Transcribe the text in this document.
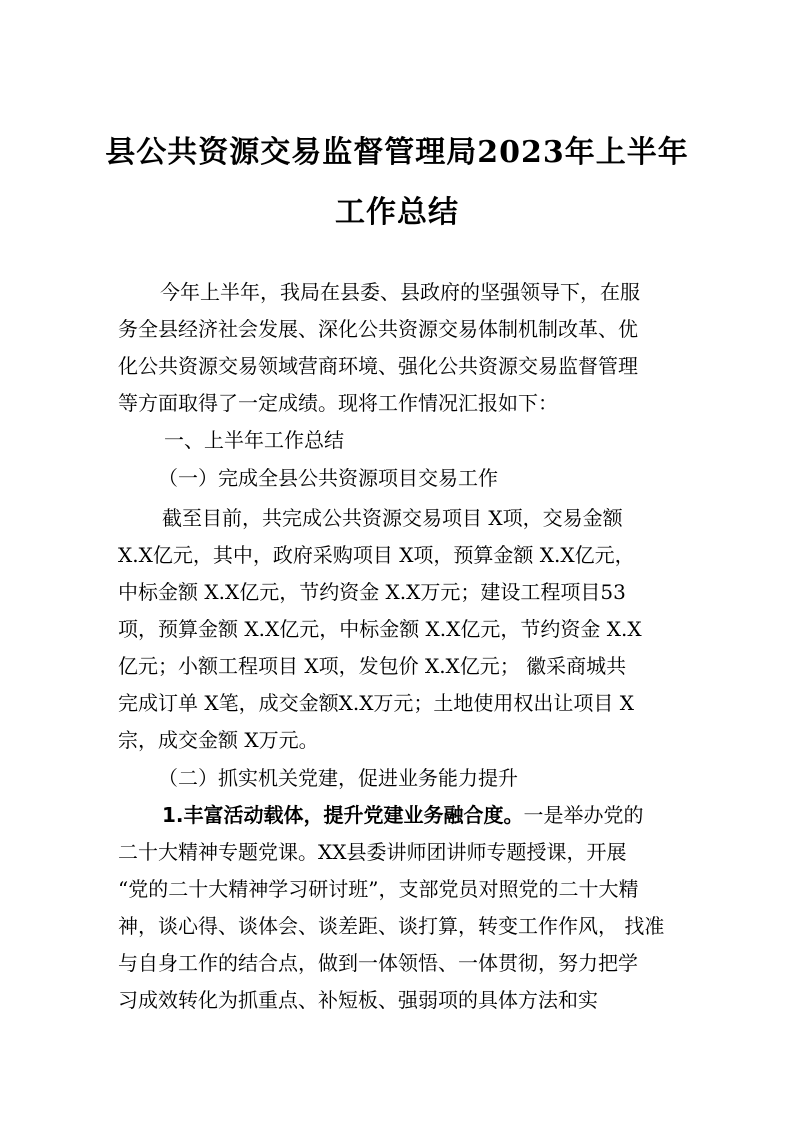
县公共资源交易监督管理局2023年上半年
工作总结
今年上半年，我局在县委、县政府的坚强领导下，在服
务全县经济社会发展、深化公共资源交易体制机制改革、优
化公共资源交易领域营商环境、强化公共资源交易监督管理
等方面取得了一定成绩。现将工作情况汇报如下：
一、上半年工作总结
（一）完成全县公共资源项目交易工作
截至目前，共完成公共资源交易项目 X项，交易金额
X.X亿元，其中，政府采购项目 X项，预算金额 X.X亿元，
中标金额 X.X亿元，节约资金 X.X万元；建设工程项目53
项，预算金额 X.X亿元，中标金额 X.X亿元，节约资金 X.X
亿元；小额工程项目 X项，发包价 X.X亿元； 徽采商城共
完成订单 X笔，成交金额X.X万元；土地使用权出让项目 X
宗，成交金额 X万元。
（二）抓实机关党建，促进业务能力提升
1.丰富活动载体，提升党建业务融合度。一是举办党的
二十大精神专题党课。XX县委讲师团讲师专题授课，开展
“党的二十大精神学习研讨班”，支部党员对照党的二十大精
神，谈心得、谈体会、谈差距、谈打算，转变工作作风， 找准
与自身工作的结合点，做到一体领悟、一体贯彻，努力把学
习成效转化为抓重点、补短板、强弱项的具体方法和实
